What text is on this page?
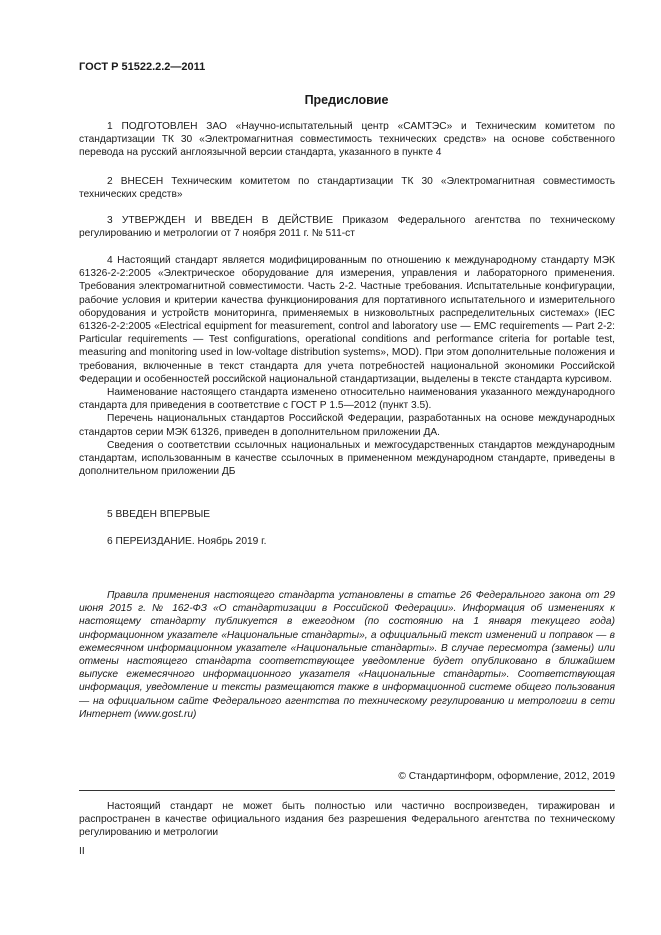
ГОСТ Р 51522.2.2—2011
Предисловие

1 ПОДГОТОВЛЕН ЗАО «Научно-испытательный центр «САМТЭС» и Техническим комитетом по стандартизации ТК 30 «Электромагнитная совместимость технических средств» на основе собственного перевода на русский англоязычной версии стандарта, указанного в пункте 4

2 ВНЕСЕН Техническим комитетом по стандартизации ТК 30 «Электромагнитная совместимость технических средств»

3 УТВЕРЖДЕН И ВВЕДЕН В ДЕЙСТВИЕ Приказом Федерального агентства по техническому регулированию и метрологии от 7 ноября 2011 г. № 511-ст

4 Настоящий стандарт является модифицированным по отношению к международному стандарту МЭК 61326-2-2:2005 «Электрическое оборудование для измерения, управления и лабораторного применения. Требования электромагнитной совместимости. Часть 2-2. Частные требования. Испытательные конфигурации, рабочие условия и критерии качества функционирования для портативного испытательного и измерительного оборудования и устройств мониторинга, применяемых в низковольтных распределительных системах» (IEC 61326-2-2:2005 «Electrical equipment for measurement, control and laboratory use — EMC requirements — Part 2-2: Particular requirements — Test configurations, operational conditions and performance criteria for portable test, measuring and monitoring used in low-voltage distribution systems», MOD). При этом дополнительные положения и требования, включенные в текст стандарта для учета потребностей национальной экономики Российской Федерации и особенностей российской национальной стандартизации, выделены в тексте стандарта курсивом.

Наименование настоящего стандарта изменено относительно наименования указанного международного стандарта для приведения в соответствие с ГОСТ Р 1.5—2012 (пункт 3.5).

Перечень национальных стандартов Российской Федерации, разработанных на основе международных стандартов серии МЭК 61326, приведен в дополнительном приложении ДА.

Сведения о соответствии ссылочных национальных и межгосударственных стандартов международным стандартам, использованным в качестве ссылочных в примененном международном стандарте, приведены в дополнительном приложении ДБ

5 ВВЕДЕН ВПЕРВЫЕ

6 ПЕРЕИЗДАНИЕ. Ноябрь 2019 г.

Правила применения настоящего стандарта установлены в статье 26 Федерального закона от 29 июня 2015 г. № 162-ФЗ «О стандартизации в Российской Федерации». Информация об изменениях к настоящему стандарту публикуется в ежегодном (по состоянию на 1 января текущего года) информационном указателе «Национальные стандарты», а официальный текст изменений и поправок — в ежемесячном информационном указателе «Национальные стандарты». В случае пересмотра (замены) или отмены настоящего стандарта соответствующее уведомление будет опубликовано в ближайшем выпуске ежемесячного информационного указателя «Национальные стандарты». Соответствующая информация, уведомление и тексты размещаются также в информационной системе общего пользования — на официальном сайте Федерального агентства по техническому регулированию и метрологии в сети Интернет (www.gost.ru)

© Стандартинформ, оформление, 2012, 2019

Настоящий стандарт не может быть полностью или частично воспроизведен, тиражирован и распространен в качестве официального издания без разрешения Федерального агентства по техническому регулированию и метрологии

II
